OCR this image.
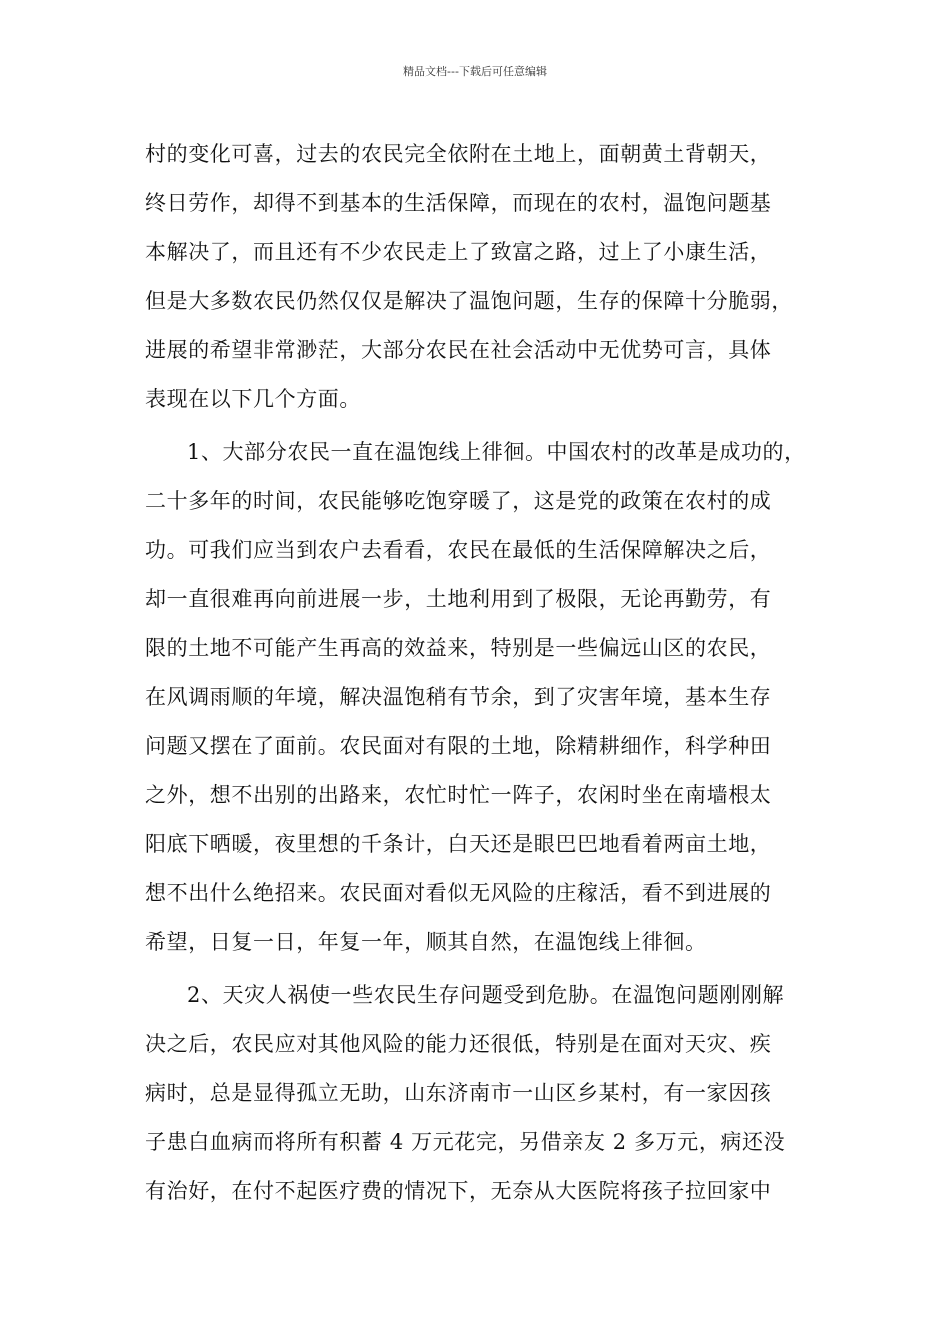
精品文档---下载后可任意编辑
村的变化可喜，过去的农民完全依附在土地上，面朝黄土背朝天，
终日劳作，却得不到基本的生活保障，而现在的农村，温饱问题基
本解决了，而且还有不少农民走上了致富之路，过上了小康生活，
但是大多数农民仍然仅仅是解决了温饱问题，生存的保障十分脆弱，
进展的希望非常渺茫，大部分农民在社会活动中无优势可言，具体
表现在以下几个方面。
1、大部分农民一直在温饱线上徘徊。中国农村的改革是成功的，
二十多年的时间，农民能够吃饱穿暖了，这是党的政策在农村的成
功。可我们应当到农户去看看，农民在最低的生活保障解决之后，
却一直很难再向前进展一步，土地利用到了极限，无论再勤劳，有
限的土地不可能产生再高的效益来，特别是一些偏远山区的农民，
在风调雨顺的年境，解决温饱稍有节余，到了灾害年境，基本生存
问题又摆在了面前。农民面对有限的土地，除精耕细作，科学种田
之外，想不出别的出路来，农忙时忙一阵子，农闲时坐在南墙根太
阳底下晒暖，夜里想的千条计，白天还是眼巴巴地看着两亩土地，
想不出什么绝招来。农民面对看似无风险的庄稼活，看不到进展的
希望，日复一日，年复一年，顺其自然，在温饱线上徘徊。
2、天灾人祸使一些农民生存问题受到危胁。在温饱问题刚刚解
决之后，农民应对其他风险的能力还很低，特别是在面对天灾、疾
病时，总是显得孤立无助，山东济南市一山区乡某村，有一家因孩
子患白血病而将所有积蓄 4 万元花完，另借亲友 2 多万元，病还没
有治好，在付不起医疗费的情况下，无奈从大医院将孩子拉回家中
